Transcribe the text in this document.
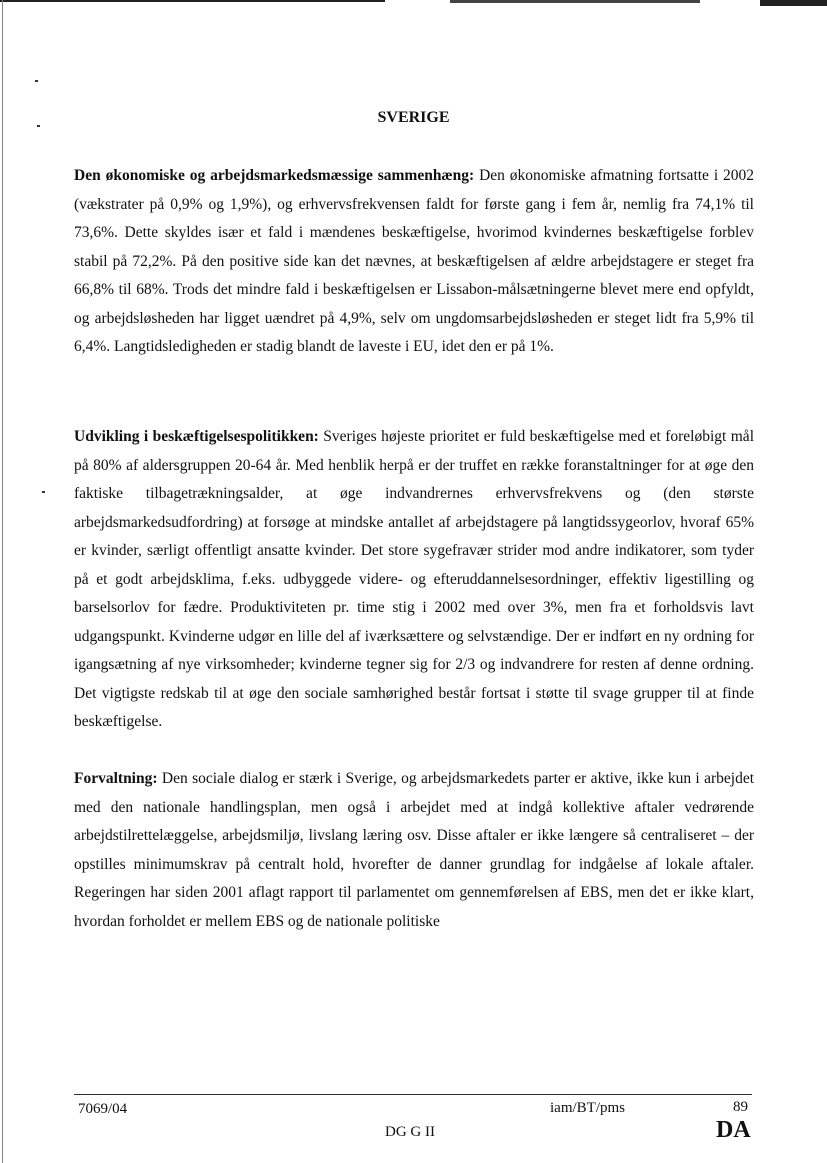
SVERIGE
Den økonomiske og arbejdsmarkedsmæssige sammenhæng: Den økonomiske afmatning fortsatte i 2002 (vækstrater på 0,9% og 1,9%), og erhvervsfrekvensen faldt for første gang i fem år, nemlig fra 74,1% til 73,6%. Dette skyldes især et fald i mændenes beskæftigelse, hvorimod kvindernes beskæftigelse forblev stabil på 72,2%. På den positive side kan det nævnes, at beskæftigelsen af ældre arbejdstagere er steget fra 66,8% til 68%. Trods det mindre fald i beskæftigelsen er Lissabon-målsætningerne blevet mere end opfyldt, og arbejdsløsheden har ligget uændret på 4,9%, selv om ungdomsarbejdsløsheden er steget lidt fra 5,9% til 6,4%. Langtidsledigheden er stadig blandt de laveste i EU, idet den er på 1%.
Udvikling i beskæftigelsespolitikken: Sveriges højeste prioritet er fuld beskæftigelse med et foreløbigt mål på 80% af aldersgruppen 20-64 år. Med henblik herpå er der truffet en række foranstaltninger for at øge den faktiske tilbagetrækningsalder, at øge indvandrernes erhvervsfrekvens og (den største arbejdsmarkedsudfordring) at forsøge at mindske antallet af arbejdstagere på langtidssygeorlov, hvoraf 65% er kvinder, særligt offentligt ansatte kvinder. Det store sygefravær strider mod andre indikatorer, som tyder på et godt arbejdsklima, f.eks. udbyggede videre- og efteruddannelsesordninger, effektiv ligestilling og barselsorlov for fædre. Produktiviteten pr. time stig i 2002 med over 3%, men fra et forholdsvis lavt udgangspunkt. Kvinderne udgør en lille del af iværksættere og selvstændige. Der er indført en ny ordning for igangsætning af nye virksomheder; kvinderne tegner sig for 2/3 og indvandrere for resten af denne ordning. Det vigtigste redskab til at øge den sociale samhørighed består fortsat i støtte til svage grupper til at finde beskæftigelse.
Forvaltning: Den sociale dialog er stærk i Sverige, og arbejdsmarkedets parter er aktive, ikke kun i arbejdet med den nationale handlingsplan, men også i arbejdet med at indgå kollektive aftaler vedrørende arbejdstilrettelæggelse, arbejdsmiljø, livslang læring osv. Disse aftaler er ikke længere så centraliseret – der opstilles minimumskrav på centralt hold, hvorefter de danner grundlag for indgåelse af lokale aftaler. Regeringen har siden 2001 aflagt rapport til parlamentet om gennemførelsen af EBS, men det er ikke klart, hvordan forholdet er mellem EBS og de nationale politiske
7069/04	iam/BT/pms	89
DG G II	DA
